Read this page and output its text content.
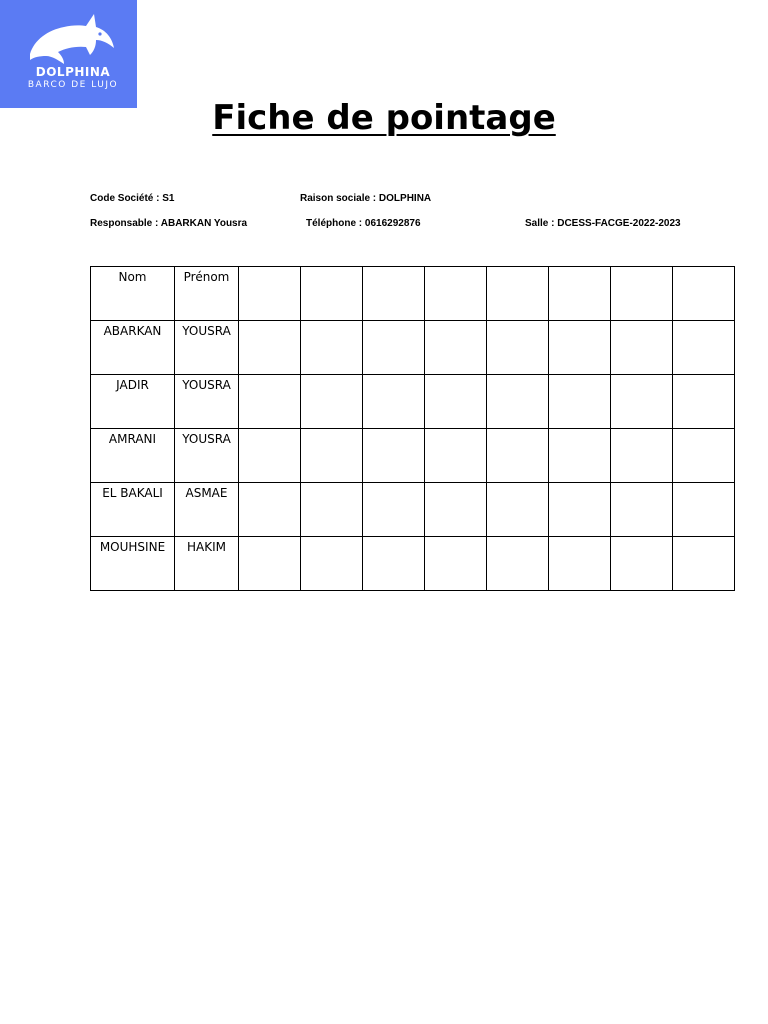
DOLPHINA
BARCO DE LUJO
Fiche de pointage
Code Société : S1	Raison sociale : DOLPHINA
Responsable : ABARKAN Yousra	Téléphone : 0616292876	Salle : DCESS-FACGE-2022-2023
Nom	Prénom								
ABARKAN	YOUSRA								
JADIR	YOUSRA								
AMRANI	YOUSRA								
EL BAKALI	ASMAE								
MOUHSINE	HAKIM								
